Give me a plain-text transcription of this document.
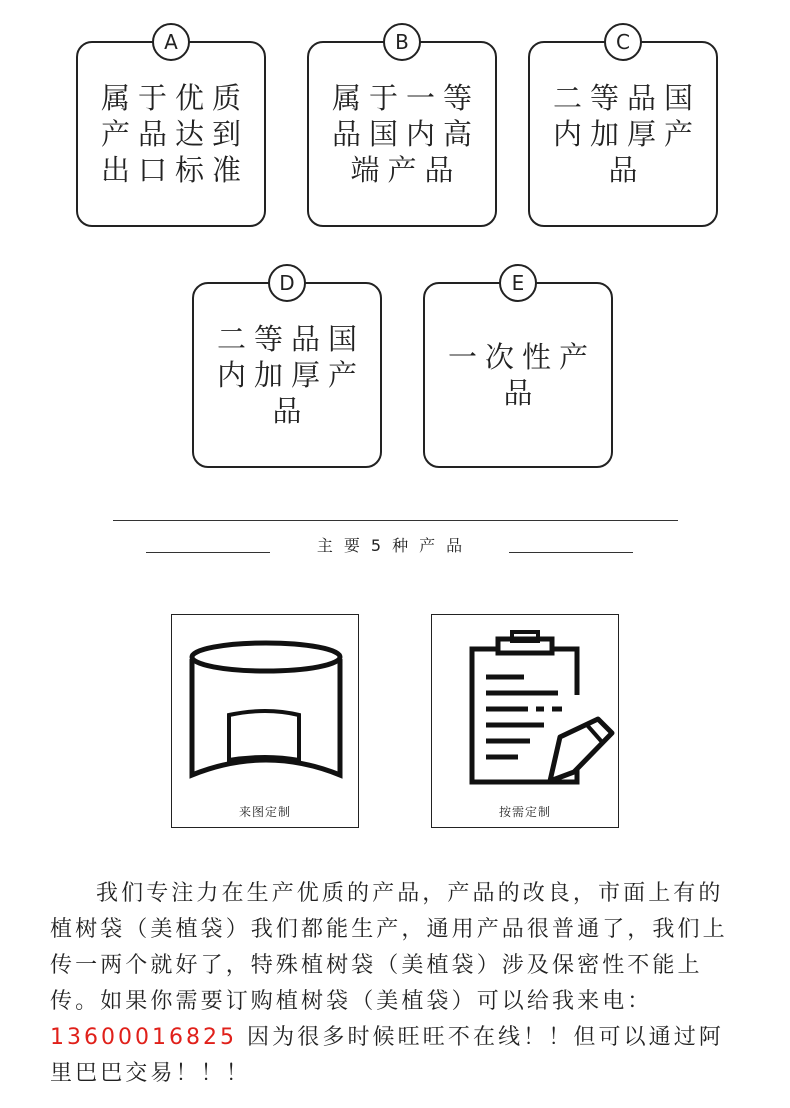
A
属于优质产品达到出口标准
B
属于一等品国内高端产品
C
二等品国内加厚产品
D
二等品国内加厚产品
E
一次性产品
主要5种产品
来图定制	按需定制
我们专注力在生产优质的产品，产品的改良，市面上有的植树袋（美植袋）我们都能生产，通用产品很普通了，我们上传一两个就好了，特殊植树袋（美植袋）涉及保密性不能上传。如果你需要订购植树袋（美植袋）可以给我来电：13600016825 因为很多时候旺旺不在线！！但可以通过阿里巴巴交易！！！
